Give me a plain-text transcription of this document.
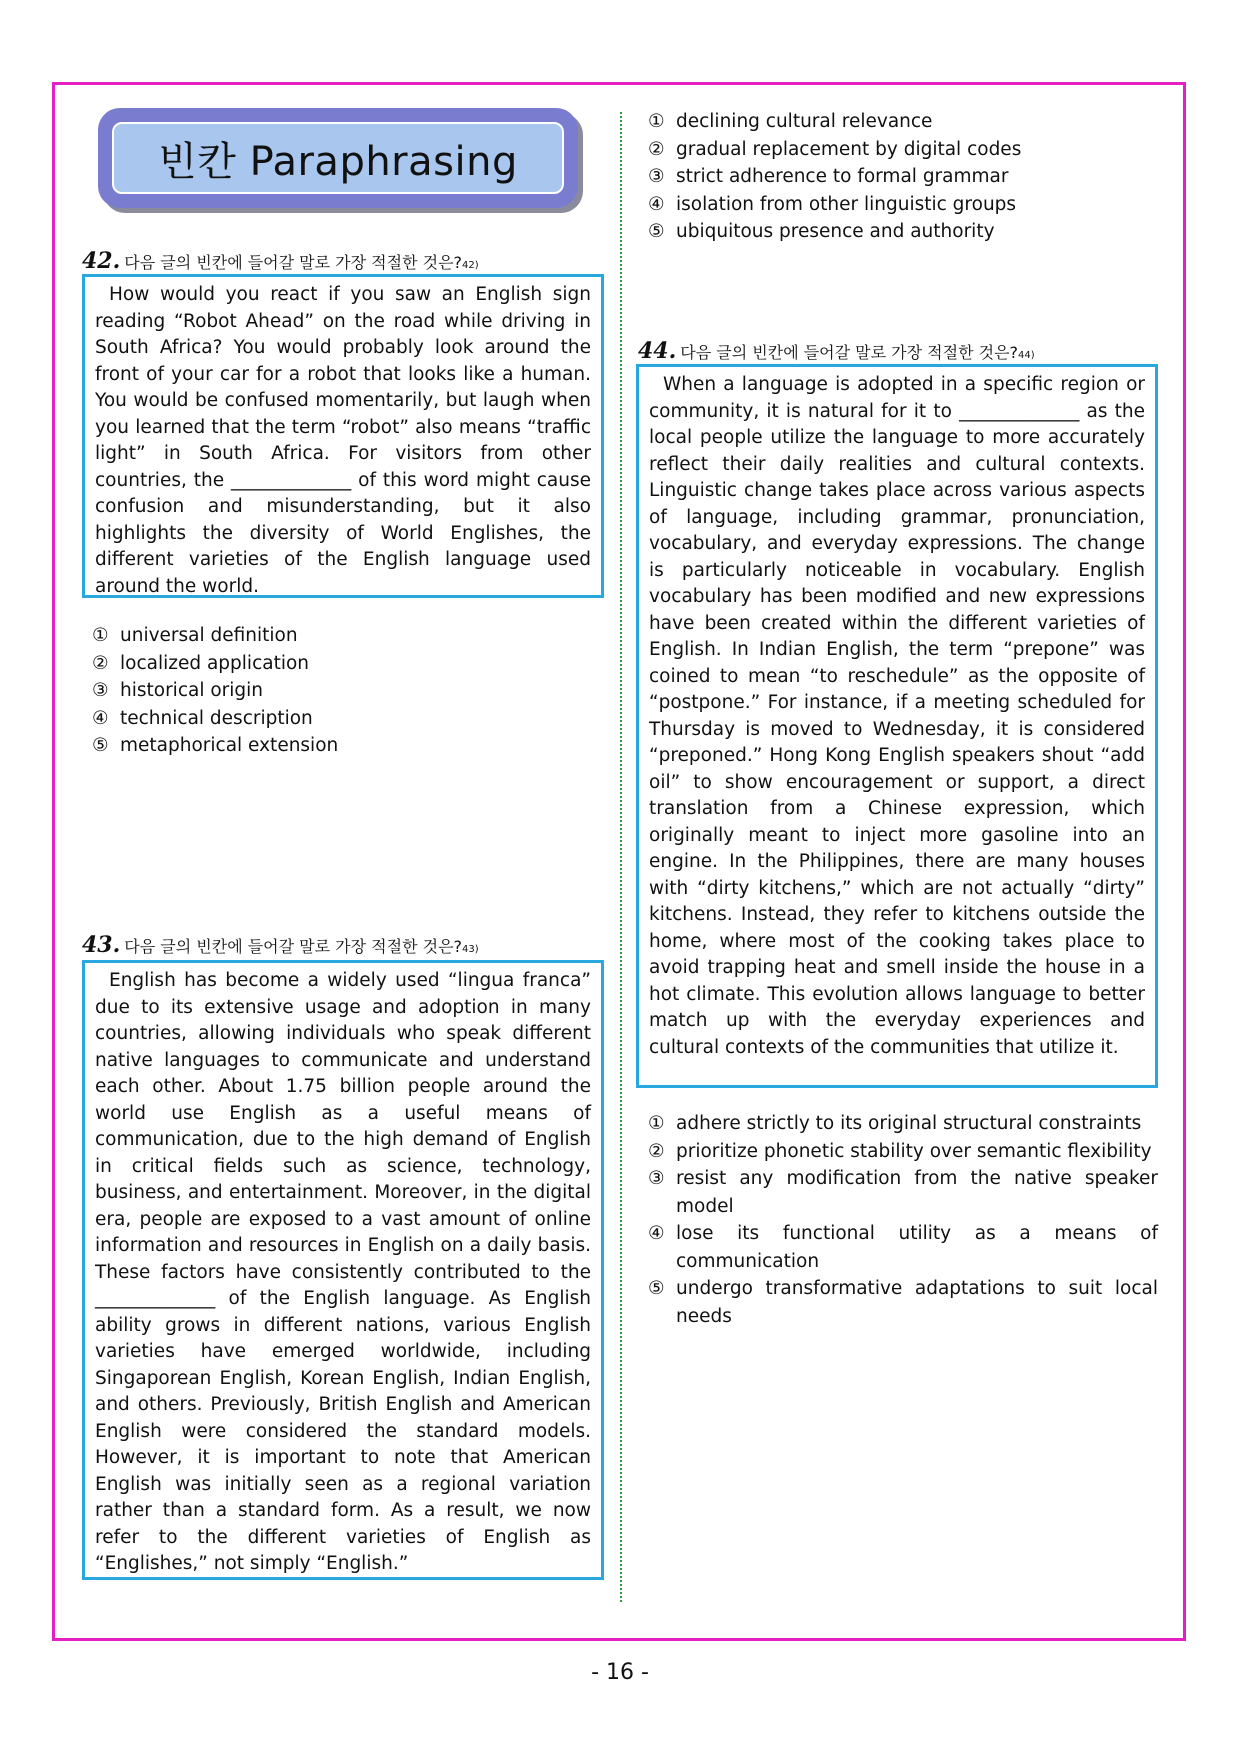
빈칸 Paraphrasing
42. 다음 글의 빈칸에 들어갈 말로 가장 적절한 것은? 42)

How would you react if you saw an English sign reading “Robot Ahead” on the road while driving in South Africa? You would probably look around the front of your car for a robot that looks like a human. You would be confused momentarily, but laugh when you learned that the term “robot” also means “traffic light” in South Africa. For visitors from other countries, the _____________ of this word might cause confusion and misunderstanding, but it also highlights the diversity of World Englishes, the different varieties of the English language used around the world.

① universal definition
② localized application
③ historical origin
④ technical description
⑤ metaphorical extension
43. 다음 글의 빈칸에 들어갈 말로 가장 적절한 것은? 43)

English has become a widely used “lingua franca” due to its extensive usage and adoption in many countries, allowing individuals who speak different native languages to communicate and understand each other. About 1.75 billion people around the world use English as a useful means of communication, due to the high demand of English in critical fields such as science, technology, business, and entertainment. Moreover, in the digital era, people are exposed to a vast amount of online information and resources in English on a daily basis. These factors have consistently contributed to the _____________ of the English language. As English ability grows in different nations, various English varieties have emerged worldwide, including Singaporean English, Korean English, Indian English, and others. Previously, British English and American English were considered the standard models. However, it is important to note that American English was initially seen as a regional variation rather than a standard form. As a result, we now refer to the different varieties of English as “Englishes,” not simply “English.”

① declining cultural relevance
② gradual replacement by digital codes
③ strict adherence to formal grammar
④ isolation from other linguistic groups
⑤ ubiquitous presence and authority
44. 다음 글의 빈칸에 들어갈 말로 가장 적절한 것은? 44)

When a language is adopted in a specific region or community, it is natural for it to _____________ as the local people utilize the language to more accurately reflect their daily realities and cultural contexts. Linguistic change takes place across various aspects of language, including grammar, pronunciation, vocabulary, and everyday expressions. The change is particularly noticeable in vocabulary. English vocabulary has been modified and new expressions have been created within the different varieties of English. In Indian English, the term “prepone” was coined to mean “to reschedule” as the opposite of “postpone.” For instance, if a meeting scheduled for Thursday is moved to Wednesday, it is considered “preponed.” Hong Kong English speakers shout “add oil” to show encouragement or support, a direct translation from a Chinese expression, which originally meant to inject more gasoline into an engine. In the Philippines, there are many houses with “dirty kitchens,” which are not actually “dirty” kitchens. Instead, they refer to kitchens outside the home, where most of the cooking takes place to avoid trapping heat and smell inside the house in a hot climate. This evolution allows language to better match up with the everyday experiences and cultural contexts of the communities that utilize it.

① adhere strictly to its original structural constraints
② prioritize phonetic stability over semantic flexibility
③ resist any modification from the native speaker model
④ lose its functional utility as a means of communication
⑤ undergo transformative adaptations to suit local needs
- 16 -
